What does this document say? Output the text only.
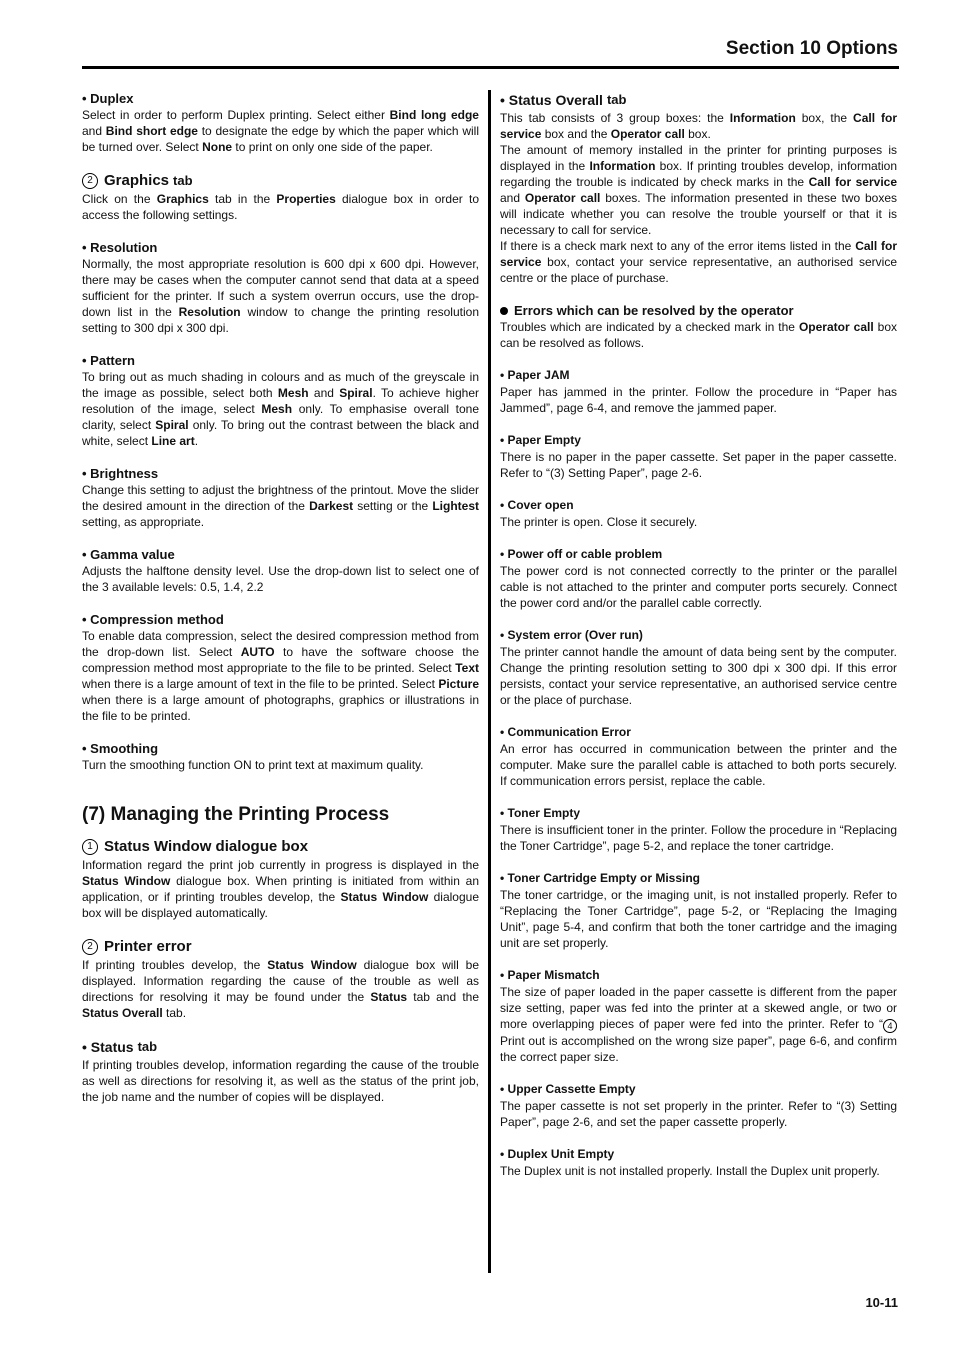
Section 10 Options
• Duplex

Select in order to perform Duplex printing. Select either Bind long edge and Bind short edge to designate the edge by which the paper which will be turned over. Select None to print on only one side of the paper.

2 Graphics tab

Click on the Graphics tab in the Properties dialogue box in order to access the following settings.

• Resolution

Normally, the most appropriate resolution is 600 dpi x 600 dpi. However, there may be cases when the computer cannot send that data at a speed sufficient for the printer. If such a system overrun occurs, use the drop-down list in the Resolution window to change the printing resolution setting to 300 dpi x 300 dpi.

• Pattern

To bring out as much shading in colours and as much of the greyscale in the image as possible, select both Mesh and Spiral. To achieve higher resolution of the image, select Mesh only. To emphasise overall tone clarity, select Spiral only. To bring out the contrast between the black and white, select Line art.

• Brightness

Change this setting to adjust the brightness of the printout. Move the slider the desired amount in the direction of the Darkest setting or the Lightest setting, as appropriate.

• Gamma value

Adjusts the halftone density level. Use the drop-down list to select one of the 3 available levels: 0.5, 1.4, 2.2

• Compression method

To enable data compression, select the desired compression method from the drop-down list. Select AUTO to have the software choose the compression method most appropriate to the file to be printed. Select Text when there is a large amount of text in the file to be printed. Select Picture when there is a large amount of photographs, graphics or illustrations in the file to be printed.

• Smoothing

Turn the smoothing function ON to print text at maximum quality.

(7) Managing the Printing Process
1 Status Window dialogue box

Information regard the print job currently in progress is displayed in the Status Window dialogue box. When printing is initiated from within an application, or if printing troubles develop, the Status Window dialogue box will be displayed automatically.

2 Printer error

If printing troubles develop, the Status Window dialogue box will be displayed. Information regarding the cause of the trouble as well as directions for resolving it may be found under the Status tab and the Status Overall tab.

• Status tab

If printing troubles develop, information regarding the cause of the trouble as well as directions for resolving it, as well as the status of the print job, the job name and the number of copies will be displayed.

• Status Overall tab

This tab consists of 3 group boxes: the Information box, the Call for service box and the Operator call box.

The amount of memory installed in the printer for printing purposes is displayed in the Information box. If printing troubles develop, information regarding the trouble is indicated by check marks in the Call for service and Operator call boxes. The information presented in these two boxes will indicate whether you can resolve the trouble yourself or that it is necessary to call for service.

If there is a check mark next to any of the error items listed in the Call for service box, contact your service representative, an authorised service centre or the place of purchase.

Errors which can be resolved by the operator

Troubles which are indicated by a checked mark in the Operator call box can be resolved as follows.

• Paper JAM

Paper has jammed in the printer. Follow the procedure in “Paper has Jammed”, page 6-4, and remove the jammed paper.

• Paper Empty

There is no paper in the paper cassette. Set paper in the paper cassette. Refer to “(3) Setting Paper”, page 2-6.

• Cover open

The printer is open. Close it securely.

• Power off or cable problem

The power cord is not connected correctly to the printer or the parallel cable is not attached to the printer and computer ports securely. Connect the power cord and/or the parallel cable correctly.

• System error (Over run)

The printer cannot handle the amount of data being sent by the computer. Change the printing resolution setting to 300 dpi x 300 dpi. If this error persists, contact your service representative, an authorised service centre or the place of purchase.

• Communication Error

An error has occurred in communication between the printer and the computer. Make sure the parallel cable is attached to both ports securely. If communication errors persist, replace the cable.

• Toner Empty

There is insufficient toner in the printer. Follow the procedure in “Replacing the Toner Cartridge”, page 5-2, and replace the toner cartridge.

• Toner Cartridge Empty or Missing

The toner cartridge, or the imaging unit, is not installed properly. Refer to “Replacing the Toner Cartridge”, page 5-2, or “Replacing the Imaging Unit”, page 5-4, and confirm that both the toner cartridge and the imaging unit are set properly.

• Paper Mismatch

The size of paper loaded in the paper cassette is different from the paper size setting, paper was fed into the printer at a skewed angle, or two or more overlapping pieces of paper were fed into the printer. Refer to “ 4 Print out is accomplished on the wrong size paper”, page 6-6, and confirm the correct paper size.

• Upper Cassette Empty

The paper cassette is not set properly in the printer. Refer to “(3) Setting Paper”, page 2-6, and set the paper cassette properly.

• Duplex Unit Empty

The Duplex unit is not installed properly. Install the Duplex unit properly.

10-11
